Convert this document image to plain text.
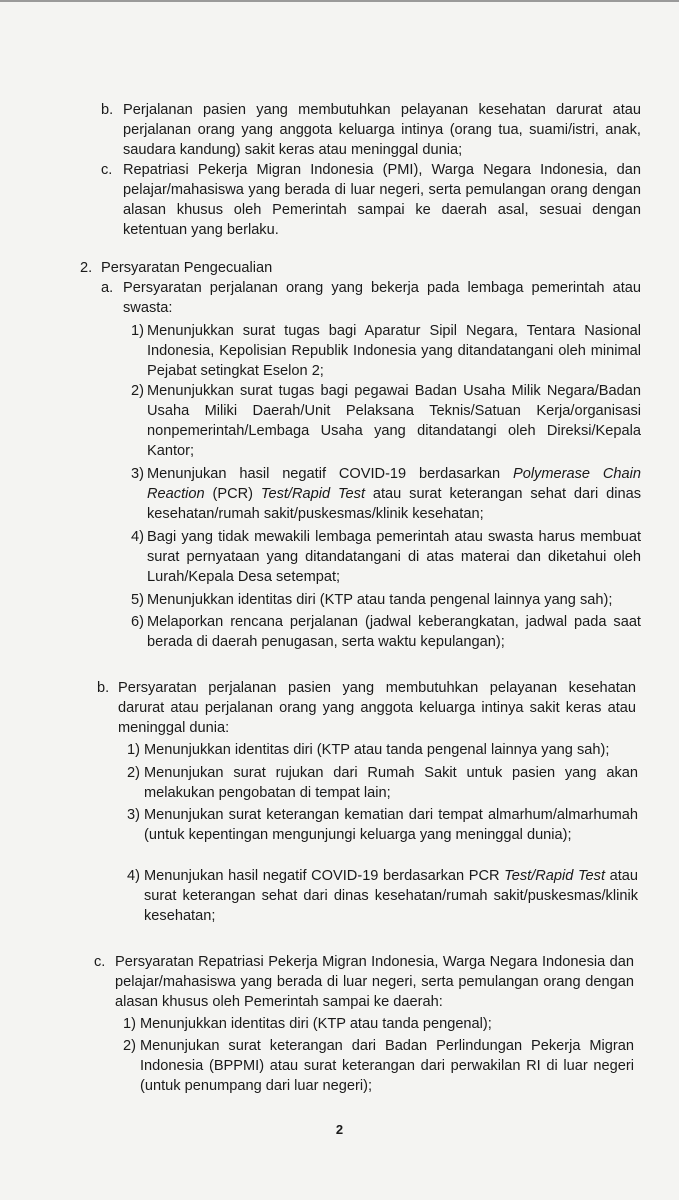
b. Perjalanan pasien yang membutuhkan pelayanan kesehatan darurat atau perjalanan orang yang anggota keluarga intinya (orang tua, suami/istri, anak, saudara kandung) sakit keras atau meninggal dunia;
c. Repatriasi Pekerja Migran Indonesia (PMI), Warga Negara Indonesia, dan pelajar/mahasiswa yang berada di luar negeri, serta pemulangan orang dengan alasan khusus oleh Pemerintah sampai ke daerah asal, sesuai dengan ketentuan yang berlaku.
2. Persyaratan Pengecualian
a. Persyaratan perjalanan orang yang bekerja pada lembaga pemerintah atau swasta:
1) Menunjukkan surat tugas bagi Aparatur Sipil Negara, Tentara Nasional Indonesia, Kepolisian Republik Indonesia yang ditandatangani oleh minimal Pejabat setingkat Eselon 2;
2) Menunjukkan surat tugas bagi pegawai Badan Usaha Milik Negara/Badan Usaha Miliki Daerah/Unit Pelaksana Teknis/Satuan Kerja/organisasi nonpemerintah/Lembaga Usaha yang ditandatangi oleh Direksi/Kepala Kantor;
3) Menunjukan hasil negatif COVID-19 berdasarkan Polymerase Chain Reaction (PCR) Test/Rapid Test atau surat keterangan sehat dari dinas kesehatan/rumah sakit/puskesmas/klinik kesehatan;
4) Bagi yang tidak mewakili lembaga pemerintah atau swasta harus membuat surat pernyataan yang ditandatangani di atas materai dan diketahui oleh Lurah/Kepala Desa setempat;
5) Menunjukkan identitas diri (KTP atau tanda pengenal lainnya yang sah);
6) Melaporkan rencana perjalanan (jadwal keberangkatan, jadwal pada saat berada di daerah penugasan, serta waktu kepulangan);
b. Persyaratan perjalanan pasien yang membutuhkan pelayanan kesehatan darurat atau perjalanan orang yang anggota keluarga intinya sakit keras atau meninggal dunia:
1) Menunjukkan identitas diri (KTP atau tanda pengenal lainnya yang sah);
2) Menunjukan surat rujukan dari Rumah Sakit untuk pasien yang akan melakukan pengobatan di tempat lain;
3) Menunjukan surat keterangan kematian dari tempat almarhum/almarhumah (untuk kepentingan mengunjungi keluarga yang meninggal dunia);
4) Menunjukan hasil negatif COVID-19 berdasarkan PCR Test/Rapid Test atau surat keterangan sehat dari dinas kesehatan/rumah sakit/puskesmas/klinik kesehatan;
c. Persyaratan Repatriasi Pekerja Migran Indonesia, Warga Negara Indonesia dan pelajar/mahasiswa yang berada di luar negeri, serta pemulangan orang dengan alasan khusus oleh Pemerintah sampai ke daerah:
1) Menunjukkan identitas diri (KTP atau tanda pengenal);
2) Menunjukan surat keterangan dari Badan Perlindungan Pekerja Migran Indonesia (BPPMI) atau surat keterangan dari perwakilan RI di luar negeri (untuk penumpang dari luar negeri);
2
